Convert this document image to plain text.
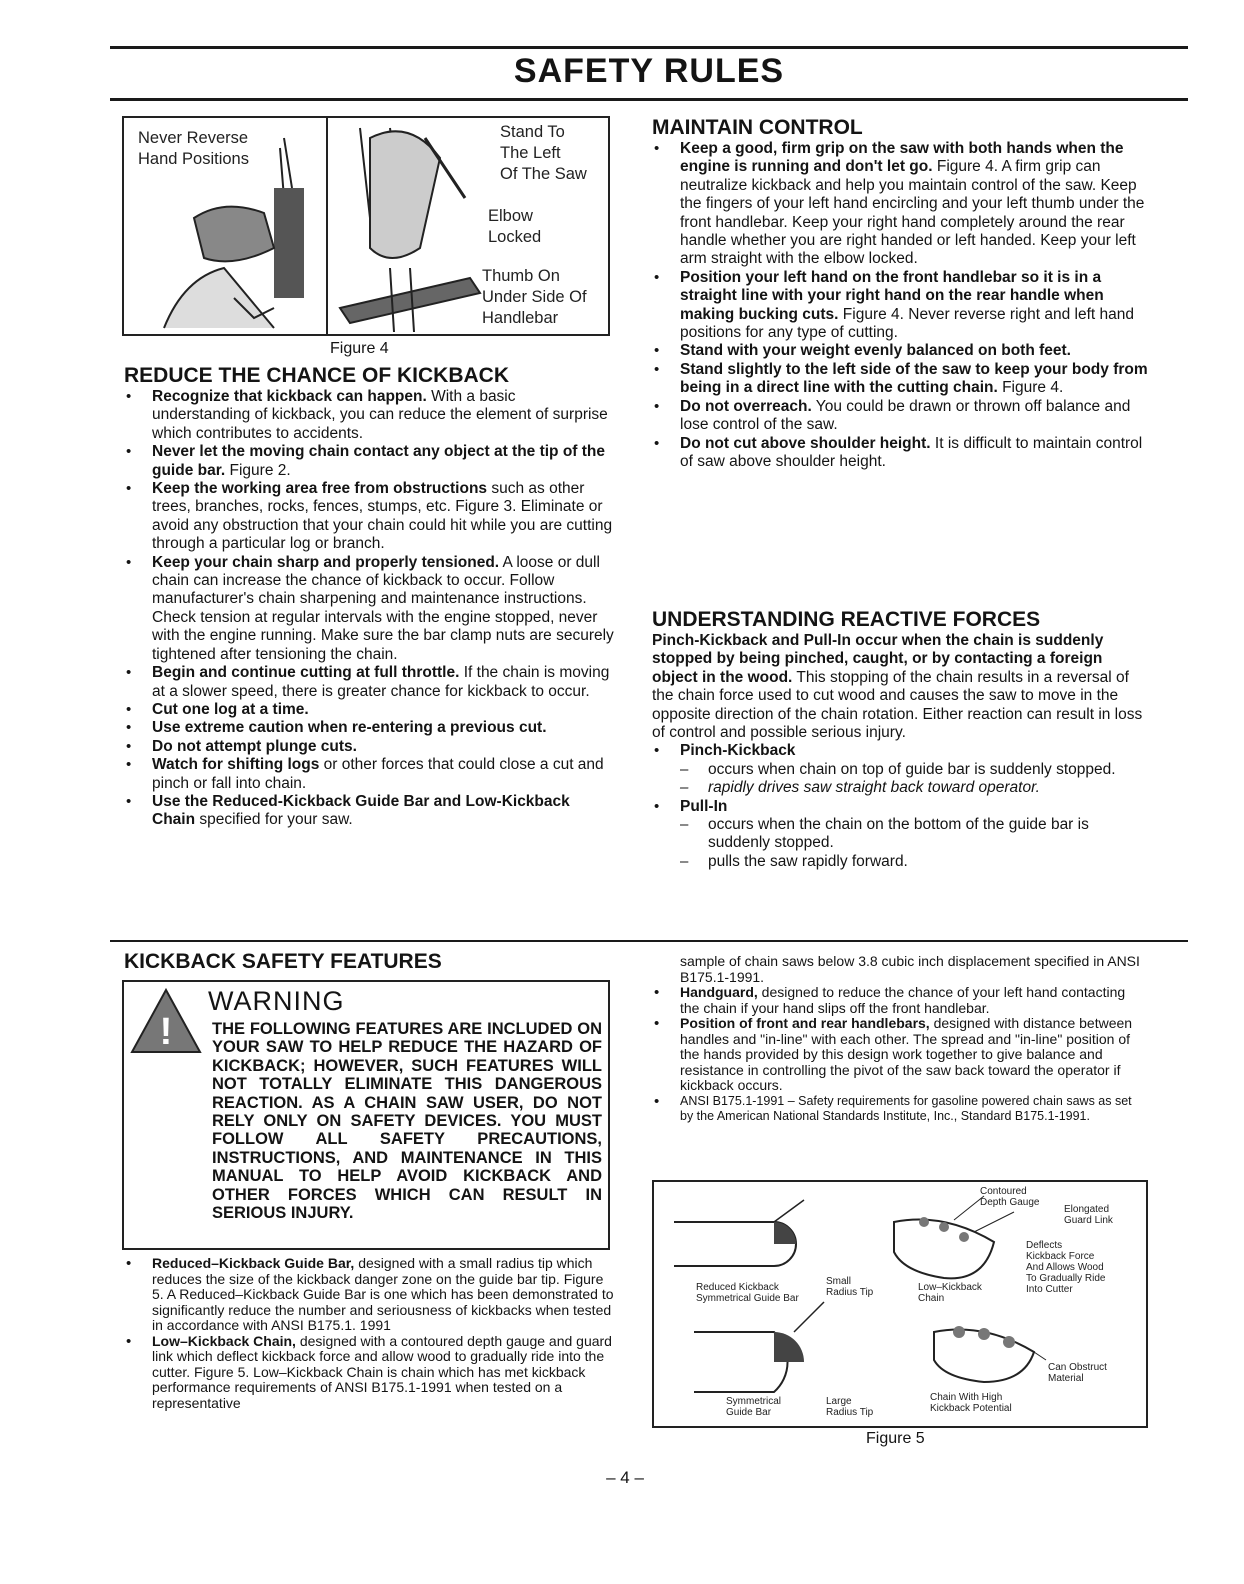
SAFETY RULES
Never Reverse
Hand Positions
Stand To
The Left
Of The Saw
Elbow
Locked
Thumb On
Under Side Of
Handlebar
Figure 4
REDUCE THE CHANCE OF KICKBACK
• Recognize that kickback can happen. With a basic understanding of kickback, you can reduce the element of surprise which contributes to accidents.
• Never let the moving chain contact any object at the tip of the guide bar. Figure 2.
• Keep the working area free from obstructions such as other trees, branches, rocks, fences, stumps, etc. Figure 3. Eliminate or avoid any obstruction that your chain could hit while you are cutting through a particular log or branch.
• Keep your chain sharp and properly tensioned. A loose or dull chain can increase the chance of kickback to occur. Follow manufacturer's chain sharpening and maintenance instructions. Check tension at regular intervals with the engine stopped, never with the engine running. Make sure the bar clamp nuts are securely tightened after tensioning the chain.
• Begin and continue cutting at full throttle. If the chain is moving at a slower speed, there is greater chance for kickback to occur.
• Cut one log at a time.
• Use extreme caution when re-entering a previous cut.
• Do not attempt plunge cuts.
• Watch for shifting logs or other forces that could close a cut and pinch or fall into chain.
• Use the Reduced-Kickback Guide Bar and Low-Kickback Chain specified for your saw.
MAINTAIN CONTROL
• Keep a good, firm grip on the saw with both hands when the engine is running and don't let go. Figure 4. A firm grip can neutralize kickback and help you maintain control of the saw. Keep the fingers of your left hand encircling and your left thumb under the front handlebar. Keep your right hand completely around the rear handle whether you are right handed or left handed. Keep your left arm straight with the elbow locked.
• Position your left hand on the front handlebar so it is in a straight line with your right hand on the rear handle when making bucking cuts. Figure 4. Never reverse right and left hand positions for any type of cutting.
• Stand with your weight evenly balanced on both feet.
• Stand slightly to the left side of the saw to keep your body from being in a direct line with the cutting chain. Figure 4.
• Do not overreach. You could be drawn or thrown off balance and lose control of the saw.
• Do not cut above shoulder height. It is difficult to maintain control of saw above shoulder height.
UNDERSTANDING REACTIVE FORCES
Pinch-Kickback and Pull-In occur when the chain is suddenly stopped by being pinched, caught, or by contacting a foreign object in the wood. This stopping of the chain results in a reversal of the chain force used to cut wood and causes the saw to move in the opposite direction of the chain rotation. Either reaction can result in loss of control and possible serious injury.
• Pinch-Kickback
– occurs when chain on top of guide bar is suddenly stopped.
– rapidly drives saw straight back toward operator.
• Pull-In
– occurs when the chain on the bottom of the guide bar is suddenly stopped.
– pulls the saw rapidly forward.
KICKBACK SAFETY FEATURES
!
WARNING
THE FOLLOWING FEATURES ARE INCLUDED ON YOUR SAW TO HELP REDUCE THE HAZARD OF KICKBACK; HOWEVER, SUCH FEATURES WILL NOT TOTALLY ELIMINATE THIS DANGEROUS REACTION. AS A CHAIN SAW USER, DO NOT RELY ONLY ON SAFETY DEVICES. YOU MUST FOLLOW ALL SAFETY PRECAUTIONS, INSTRUCTIONS, AND MAINTENANCE IN THIS MANUAL TO HELP AVOID KICKBACK AND OTHER FORCES WHICH CAN RESULT IN SERIOUS INJURY.
• Reduced–Kickback Guide Bar, designed with a small radius tip which reduces the size of the kickback danger zone on the guide bar tip. Figure 5. A Reduced–Kickback Guide Bar is one which has been demonstrated to significantly reduce the number and seriousness of kickbacks when tested in accordance with ANSI B175.1. 1991
• Low–Kickback Chain, designed with a contoured depth gauge and guard link which deflect kickback force and allow wood to gradually ride into the cutter. Figure 5. Low–Kickback Chain is chain which has met kickback performance requirements of ANSI B175.1-1991 when tested on a representative
sample of chain saws below 3.8 cubic inch displacement specified in ANSI B175.1-1991.
• Handguard, designed to reduce the chance of your left hand contacting the chain if your hand slips off the front handlebar.
• Position of front and rear handlebars, designed with distance between handles and "in-line" with each other. The spread and "in-line" position of the hands provided by this design work together to give balance and resistance in controlling the pivot of the saw back toward the operator if kickback occurs.
• ANSI B175.1-1991 – Safety requirements for gasoline powered chain saws as set by the American National Standards Institute, Inc., Standard B175.1-1991.
Reduced Kickback
Symmetrical Guide Bar
Small
Radius Tip
Contoured
Depth Gauge
Elongated
Guard Link
Low–Kickback
Chain
Deflects
Kickback Force
And Allows Wood
To Gradually Ride
Into Cutter
Symmetrical
Guide Bar
Large
Radius Tip
Chain With High
Kickback Potential
Can Obstruct
Material
Figure 5
– 4 –
